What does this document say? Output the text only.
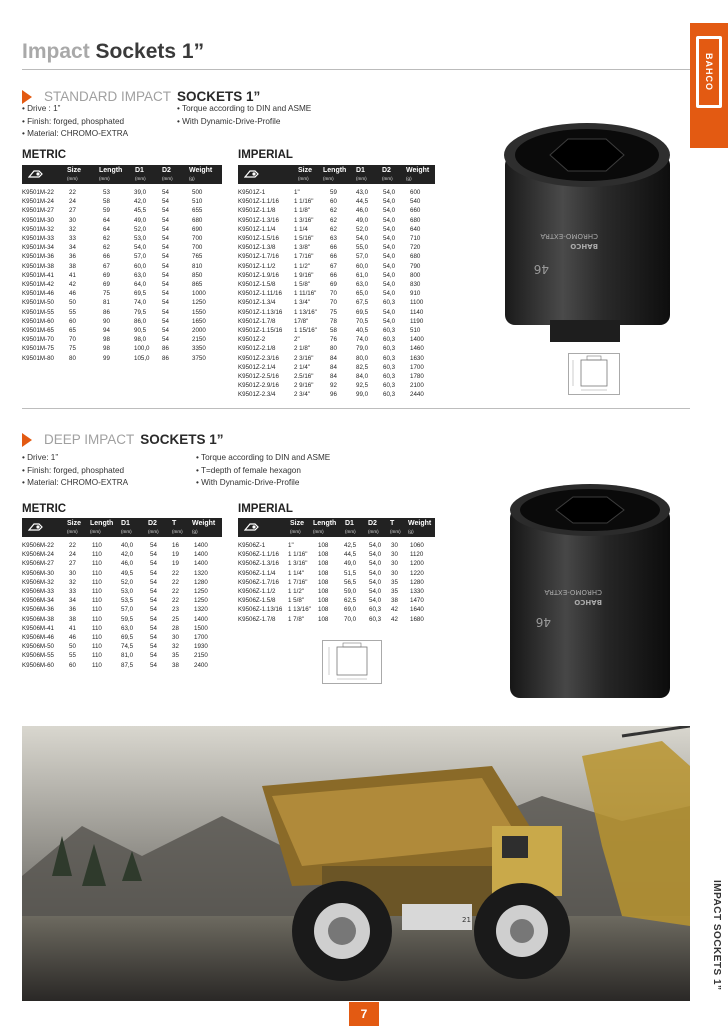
Impact Sockets 1”
BAHCO
IMPACT SOCKETS 1”
STANDARD IMPACT SOCKETS 1”
• Drive : 1”
• Finish: forged, phosphated
• Material: CHROMO-EXTRA
• Torque according to DIN and ASME
• With Dynamic-Drive-Profile
METRIC	IMPERIAL
Size
(mm)
Length
(mm)
D1
(mm)
D2
(mm)
Weight
(g)
K9501M-22 22	53	39,0	54	500
K9501M-24 24	58	42,0	54	510
K9501M-27 27	59	45,5	54	655
K9501M-30 30	64	49,0	54	680
K9501M-32 32	64	52,0	54	690
K9501M-33 33	62	53,0	54	700
K9501M-34 34	62	54,0	54	700
K9501M-36 36	66	57,0	54	765
K9501M-38 38	67	60,0	54	810
K9501M-41 41	69	63,0	54	850
K9501M-42 42	69	64,0	54	865
K9501M-46 46	75	69,5	54	1000
K9501M-50 50	81	74,0	54	1250
K9501M-55 55	86	79,5	54	1550
K9501M-60 60	90	86,0	54	1650
K9501M-65 65	94	90,5	54	2000
K9501M-70 70	98	98,0	54	2150
K9501M-75 75	98	100,0 86	3350
K9501M-80 80	99	105,0 86	3750
Size
(mm)
Length
(mm)
D1
(mm)
D2
(mm)
Weight
(g)
K9501Z-1	1"	59	43,0 54,0 600
K9501Z-1.1/16 1 1/16"	60	44,5 54,0 540
K9501Z-1.1/8	1 1/8"	62	46,0 54,0 660
K9501Z-1.3/16 1 3/16"	62	49,0 54,0 680
K9501Z-1.1/4	1 1/4	62	52,0 54,0 640
K9501Z-1.5/16 1 5/16"	63	54,0 54,0 710
K9501Z-1.3/8	1 3/8"	66	55,0 54,0 720
K9501Z-1.7/16 1 7/16"	66	57,0 54,0 680
K9501Z-1.1/2	1 1/2"	67	60,0 54,0 790
K9501Z-1.9/16 1 9/16"	66	61,0 54,0 800
K9501Z-1.5/8	1 5/8"	69	63,0 54,0 830
K9501Z-1.11/16 1 11/16" 70	65,0 54,0 910
K9501Z-1.3/4	1 3/4"	70	67,5 60,3 1100
K9501Z-1.13/16 1 13/16" 75	69,5 54,0 1140
K9501Z-1.7/8	17/8"	78	70,5 54,0 1190
K9501Z-1.15/16 1 15/16" 58	40,5 60,3 510
K9501Z-2	2"	76	74,0 60,3 1400
K9501Z-2.1/8	2 1/8"	80	79,0 60,3 1460
K9501Z-2.3/16 2 3/16"	84	80,0 60,3 1630
K9501Z-2.1/4	2 1/4"	84	82,5 60,3 1700
K9501Z-2.5/16 2.5/16"	84	84,0 60,3 1780
K9501Z-2.9/16 2 9/16"	92	92,5 60,3 2100
K9501Z-2.3/4	2 3/4"	96	99,0 60,3 2440
CHROMO-EXTRA
BAHCO
46
DEEP IMPACT SOCKETS 1”
• Drive: 1”
• Finish: forged, phosphated
• Material: CHROMO-EXTRA
• Torque according to DIN and ASME
• T=depth of female hexagon
• With Dynamic-Drive-Profile
METRIC	IMPERIAL
Size
(mm)
Length
(mm)
D1
(mm)
D2
(mm)
T
(mm)
Weight
(g)
K9506M-22 22	110	40,0	54 16 1400
K9506M-24 24	110	42,0	54 19 1400
K9506M-27 27	110	46,0	54 19 1400
K9506M-30 30	110	49,5	54 22 1320
K9506M-32 32	110	52,0	54 22 1280
K9506M-33 33	110	53,0	54 22 1250
K9506M-34 34	110	53,5	54 22 1250
K9506M-36 36	110	57,0	54 23 1320
K9506M-38 38	110	59,5	54 25 1400
K9506M-41 41	110	63,0	54 28 1500
K9506M-46 46	110	69,5	54 30 1700
K9506M-50 50	110	74,5	54 32 1930
K9506M-55 55	110	81,0	54 35 2150
K9506M-60 60	110	87,5	54 38 2400
Size
(mm)
Length
(mm)
D1
(mm)
D2
(mm)
T
(mm)
Weight
(g)
K9506Z-1	1"	108	42,5 54,0 30 1060
K9506Z-1.1/16 1 1/16" 108	44,5 54,0 30 1120
K9506Z-1.3/16 1 3/16" 108	49,0 54,0 30 1200
K9506Z-1.1/4 1 1/4" 108	51,5 54,0 30 1220
K9506Z-1.7/16 1 7/16" 108	56,5 54,0 35 1280
K9506Z-1.1/2 1 1/2" 108	59,0 54,0 35 1330
K9506Z-1.5/8 1 5/8" 108	62,5 54,0 38 1470
K9506Z-1.13/16 1 13/16" 108	69,0 60,3 42 1640
K9506Z-1.7/8 1 7/8" 108	70,0 60,3 42 1680
CHROMO-EXTRA
BAHCO
46
21
7
